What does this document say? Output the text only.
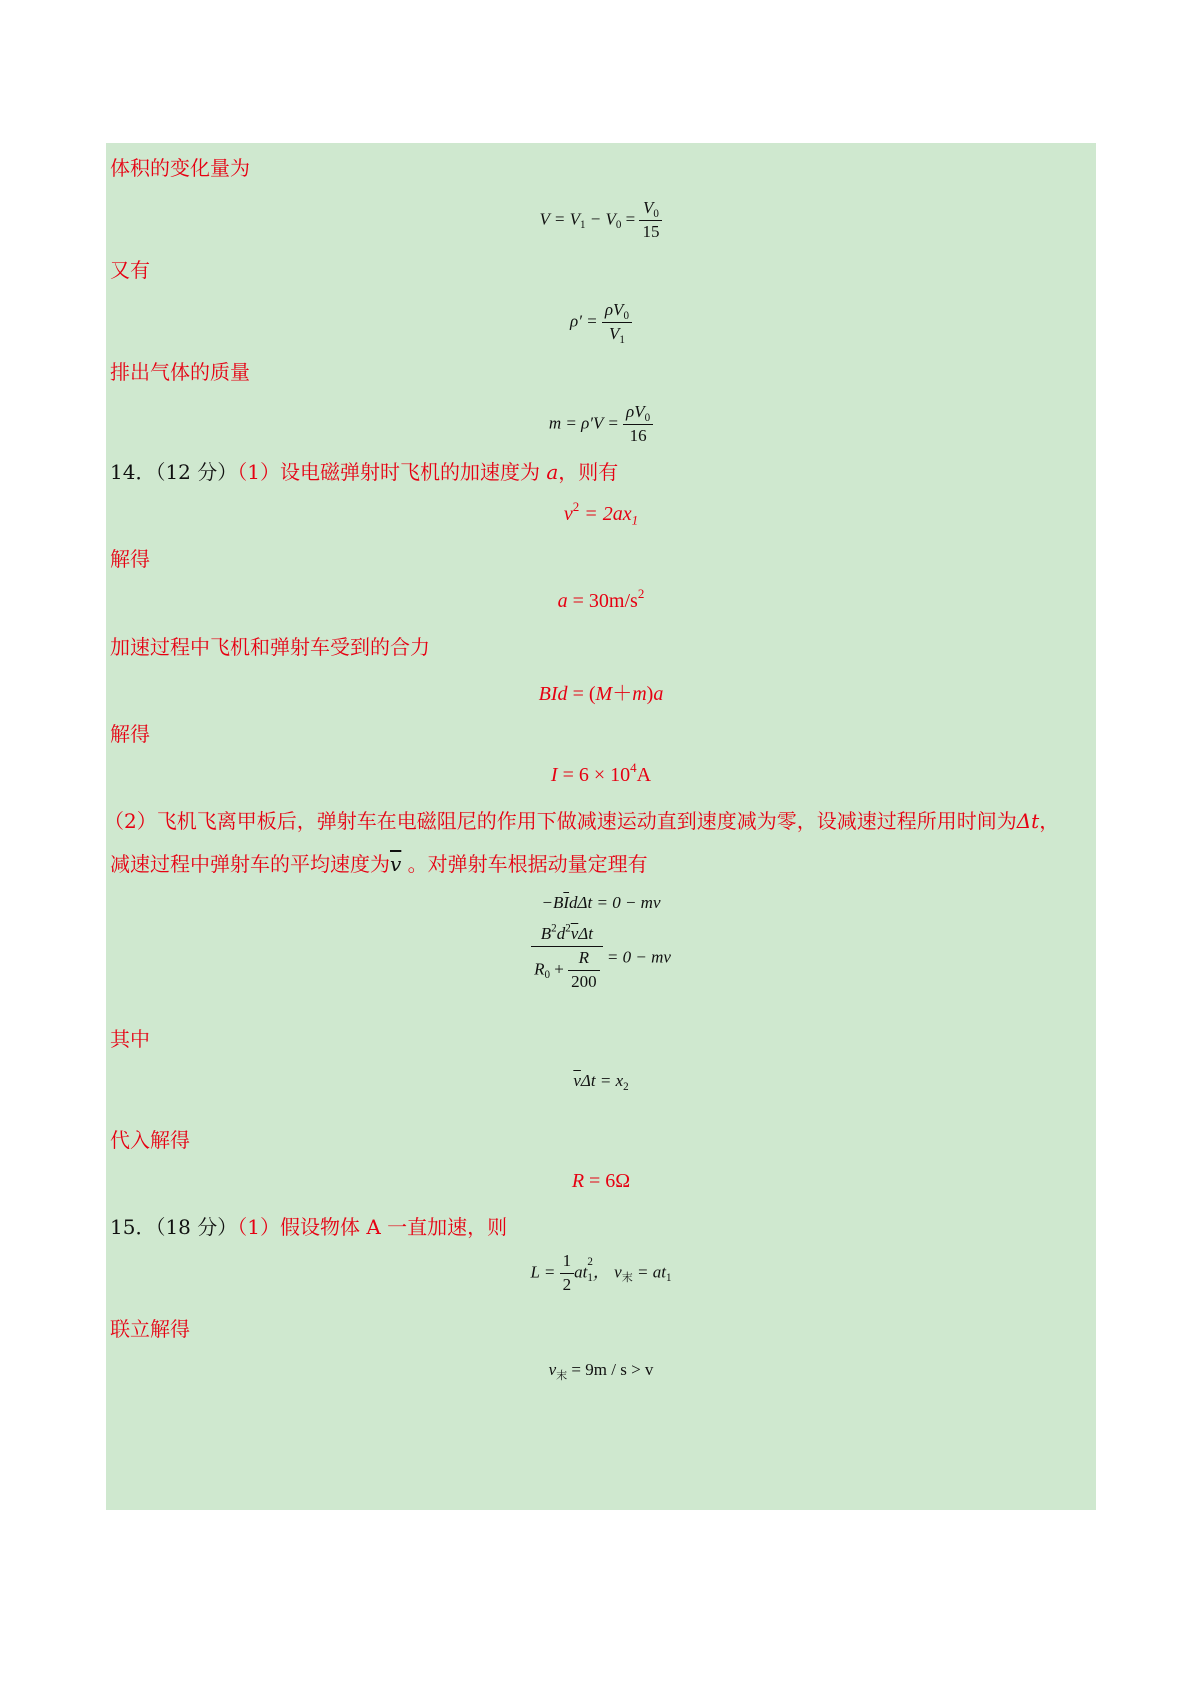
体积的变化量为
$V = V_1 - V_0 = \frac{V_0}{15}$
又有
$\rho' = \frac{\rho V_0}{V_1}$
排出气体的质量
$m = \rho'V = \frac{\rho V_0}{16}$
14．（12 分）（1）设电磁弹射时飞机的加速度为 a，则有
$v^2 = 2ax_1$
解得
$a = 30m/s^2$
加速过程中飞机和弹射车受到的合力
BId = (M＋m)a
解得
$I = 6 \times 10^4A$
（2）飞机飞离甲板后，弹射车在电磁阻尼的作用下做减速运动直到速度减为零，设减速过程所用时间为Δt，
减速过程中弹射车的平均速度为$\overline{v}$ 。对弹射车根据动量定理有
$-B\overline{I}d\Delta t = 0$ − mv
$\frac{B^2d^2\overline{v}\Delta t}{R_0 + \frac{R}{200}} = 0$ − mv
其中
$\overline{v}\Delta t = x_2$
代入解得
R = 6Ω
15．（18 分）（1）假设物体 A 一直加速，则
$L = \frac{1}{2} at_1$
2 ， $v_末 = at_1$
联立解得
$v_末 = 9m / s > v$
